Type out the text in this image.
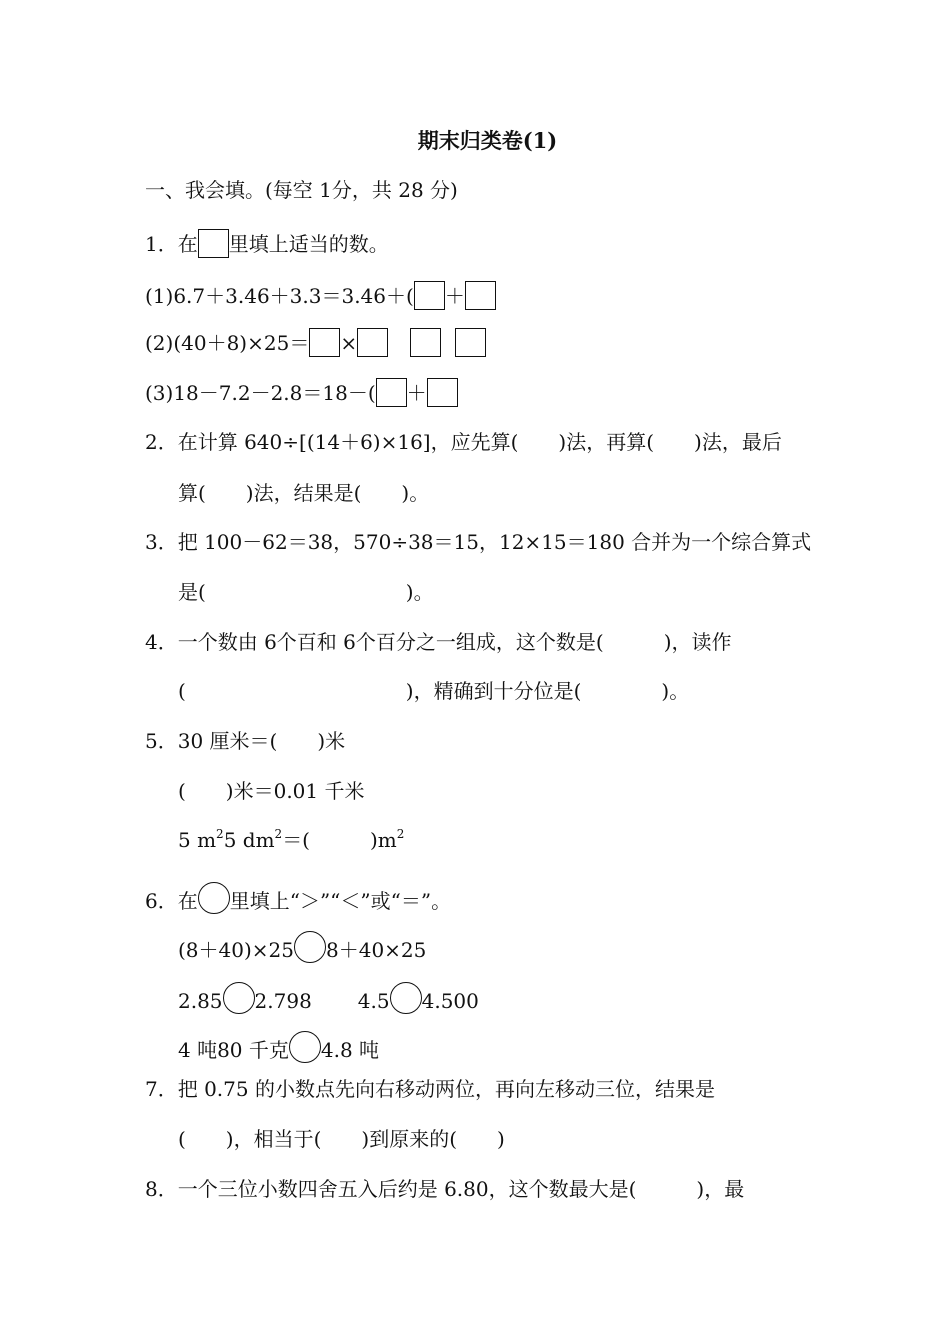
期末归类卷(1)
一、我会填。(每空 1分，共 28 分)
1．在 里填上适当的数。
(1)6.7＋3.46＋3.3＝3.46＋( ＋
(2)(40＋8)×25＝ ×
(3)18－7.2－2.8＝18－( ＋
2．在计算 640÷[(14＋6)×16]，应先算(　　)法，再算(　　)法，最后
算(　　)法，结果是(　　)。
3．把 100－62＝38，570÷38＝15，12×15＝180 合并为一个综合算式
是(　　　　　　　　　　)。
4．一个数由 6个百和 6个百分之一组成，这个数是(　　　)，读作
(　　　　　　　　　　　)，精确到十分位是(　　　　)。
5．30 厘米＝(　　)米
(　　)米＝0.01 千米
5 $m^25$ $dm^2=$(　　　)$m^2$
6．在 里填上“＞”“＜”或“＝”。
(8＋40)×25 8＋40×25
2.85 2.798 4.5 4.500
4 吨80 千克 4.8 吨
7．把 0.75 的小数点先向右移动两位，再向左移动三位，结果是
(　　)，相当于(　　)到原来的(　　)
8．一个三位小数四舍五入后约是 6.80，这个数最大是(　　　)，最
